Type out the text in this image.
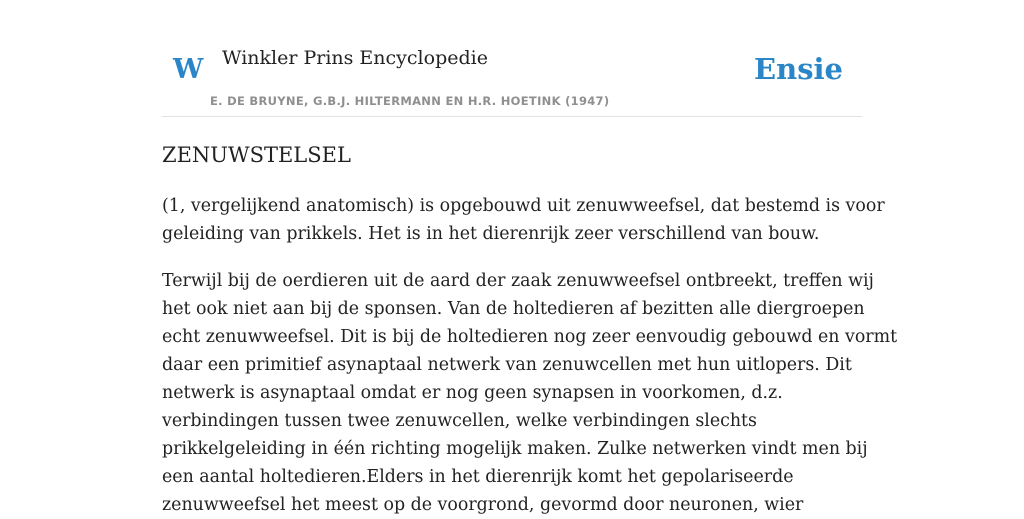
W Winkler Prins Encyclopedie
E. DE BRUYNE, G.B.J. HILTERMANN EN H.R. HOETINK (1947)
Ensie
ZENUWSTELSEL

(1, vergelijkend anatomisch) is opgebouwd uit zenuwweefsel, dat bestemd is voor
geleiding van prikkels. Het is in het dierenrijk zeer verschillend van bouw.

Terwijl bij de oerdieren uit de aard der zaak zenuwweefsel ontbreekt, treffen wij
het ook niet aan bij de sponsen. Van de holtedieren af bezitten alle diergroepen
echt zenuwweefsel. Dit is bij de holtedieren nog zeer eenvoudig gebouwd en vormt
daar een primitief asynaptaal netwerk van zenuwcellen met hun uitlopers. Dit
netwerk is asynaptaal omdat er nog geen synapsen in voorkomen, d.z.
verbindingen tussen twee zenuwcellen, welke verbindingen slechts
prikkelgeleiding in één richting mogelijk maken. Zulke netwerken vindt men bij
een aantal holtedieren.Elders in het dierenrijk komt het gepolariseerde
zenuwweefsel het meest op de voorgrond, gevormd door neuronen, wier
